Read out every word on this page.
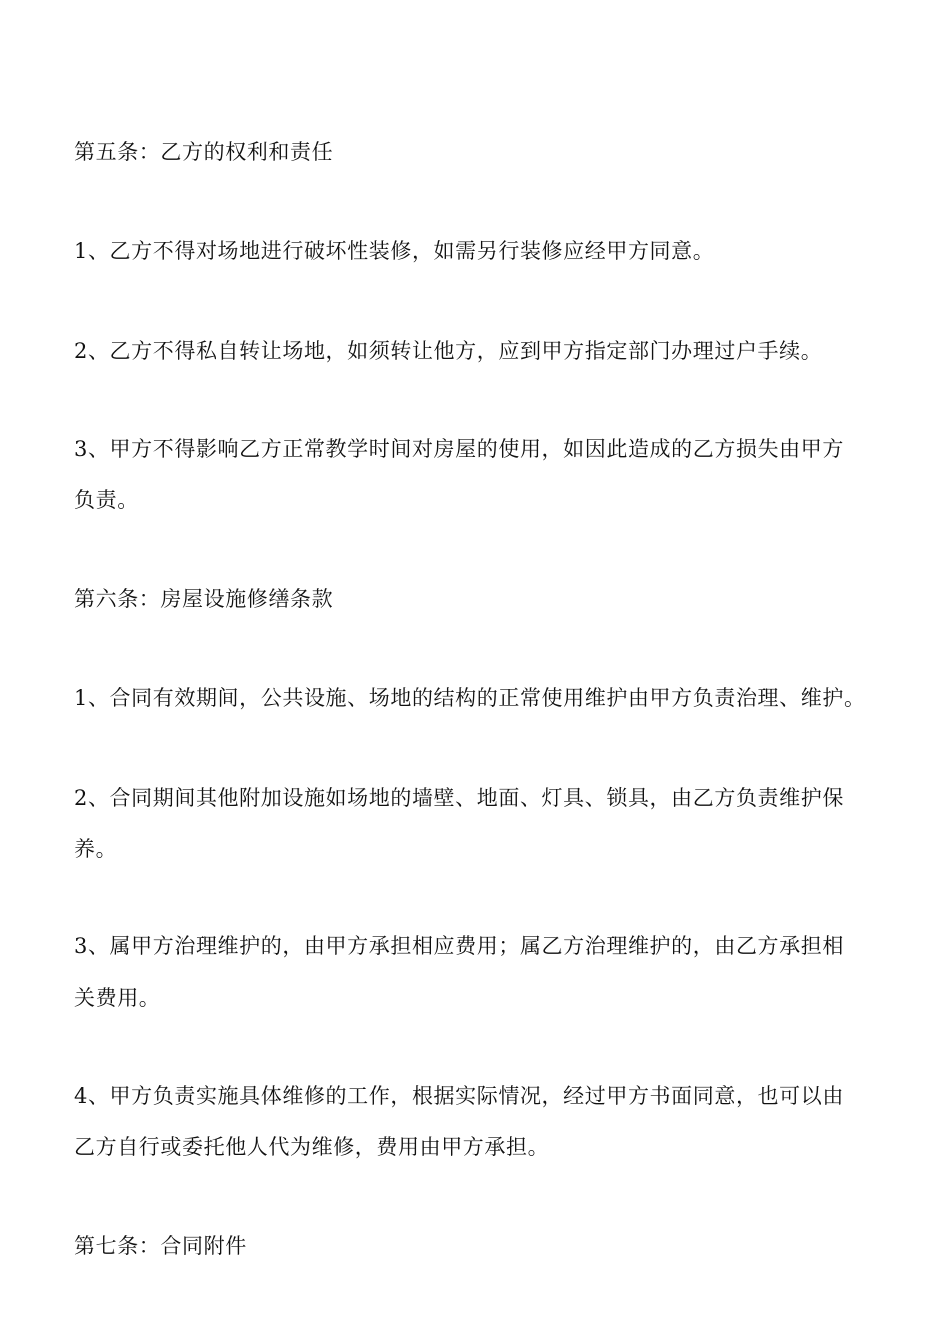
第五条：乙方的权利和责任
1、乙方不得对场地进行破坏性装修，如需另行装修应经甲方同意。
2、乙方不得私自转让场地，如须转让他方，应到甲方指定部门办理过户手续。
3、甲方不得影响乙方正常教学时间对房屋的使用，如因此造成的乙方损失由甲方
负责。
第六条：房屋设施修缮条款
1、合同有效期间，公共设施、场地的结构的正常使用维护由甲方负责治理、维护。
2、合同期间其他附加设施如场地的墙壁、地面、灯具、锁具，由乙方负责维护保
养。
3、属甲方治理维护的，由甲方承担相应费用；属乙方治理维护的，由乙方承担相
关费用。
4、甲方负责实施具体维修的工作，根据实际情况，经过甲方书面同意，也可以由
乙方自行或委托他人代为维修，费用由甲方承担。
第七条：合同附件
